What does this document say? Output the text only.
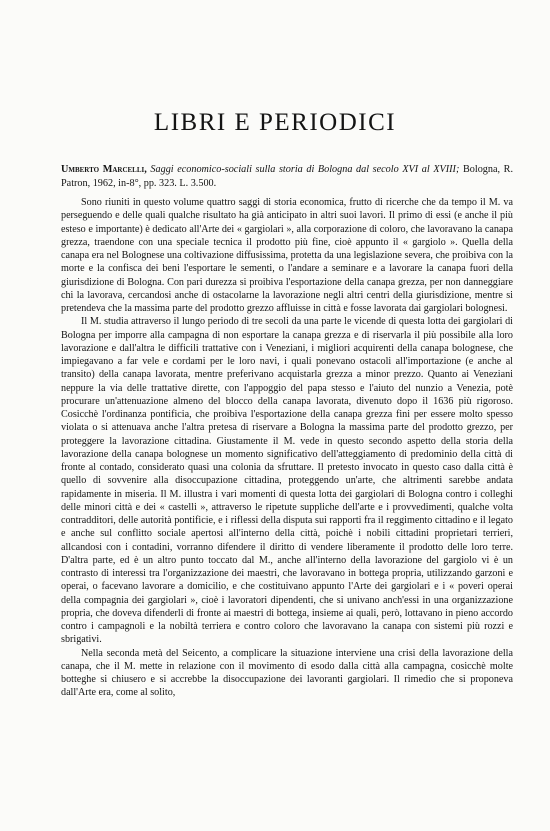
LIBRI E PERIODICI
Umberto Marcelli, Saggi economico-sociali sulla storia di Bologna dal secolo XVI al XVIII; Bologna, R. Patron, 1962, in-8°, pp. 323. L. 3.500.

Sono riuniti in questo volume quattro saggi di storia economica, frutto di ricerche che da tempo il M. va perseguendo e delle quali qualche risultato ha già anticipato in altri suoi lavori. Il primo di essi (e anche il più esteso e importante) è dedicato all'Arte dei « gargiolari », alla corporazione di coloro, che lavoravano la canapa grezza, traendone con una speciale tecnica il prodotto più fine, cioè appunto il « gargiolo ». Quella della canapa era nel Bolognese una coltivazione diffusissima, protetta da una legislazione severa, che proibiva con la morte e la confisca dei beni l'esportare le sementi, o l'andare a seminare e a lavorare la canapa fuori della giurisdizione di Bologna. Con pari durezza si proibiva l'esportazione della canapa grezza, per non danneggiare chi la lavorava, cercandosi anche di ostacolarne la lavorazione negli altri centri della giurisdizione, mentre si pretendeva che la massima parte del prodotto grezzo affluisse in città e fosse lavorata dai gargiolari bolognesi.

Il M. studia attraverso il lungo periodo di tre secoli da una parte le vicende di questa lotta dei gargiolari di Bologna per imporre alla campagna di non esportare la canapa grezza e di riservarla il più possibile alla loro lavorazione e dall'altra le difficili trattative con i Veneziani, i migliori acquirenti della canapa bolognese, che impiegavano a far vele e cordami per le loro navi, i quali ponevano ostacoli all'importazione (e anche al transito) della canapa lavorata, mentre preferivano acquistarla grezza a minor prezzo. Quanto ai Veneziani neppure la via delle trattative dirette, con l'appoggio del papa stesso e l'aiuto del nunzio a Venezia, potè procurare un'attenuazione almeno del blocco della canapa lavorata, divenuto dopo il 1636 più rigoroso. Cosicchè l'ordinanza pontificia, che proibiva l'esportazione della canapa grezza fini per essere molto spesso violata o si attenuava anche l'altra pretesa di riservare a Bologna la massima parte del prodotto grezzo, per proteggere la lavorazione cittadina. Giustamente il M. vede in questo secondo aspetto della storia della lavorazione della canapa bolognese un momento significativo dell'atteggiamento di predominio della città di fronte al contado, considerato quasi una colonia da sfruttare. Il pretesto invocato in questo caso dalla città è quello di sovvenire alla disoccupazione cittadina, proteggendo un'arte, che altrimenti sarebbe andata rapidamente in miseria. Il M. illustra i vari momenti di questa lotta dei gargiolari di Bologna contro i colleghi delle minori città e dei « castelli », attraverso le ripetute suppliche dell'arte e i provvedimenti, qualche volta contradditori, delle autorità pontificie, e i riflessi della disputa sui rapporti fra il reggimento cittadino e il legato e anche sul conflitto sociale apertosi all'interno della città, poichè i nobili cittadini proprietari terrieri, allcandosi con i contadini, vorranno difendere il diritto di vendere liberamente il prodotto delle loro terre. D'altra parte, ed è un altro punto toccato dal M., anche all'interno della lavorazione del gargiolo vi è un contrasto di interessi tra l'organizzazione dei maestri, che lavoravano in bottega propria, utilizzando garzoni e operai, o facevano lavorare a domicilio, e che costituivano appunto l'Arte dei gargiolari e i « poveri operai della compagnia dei gargiolari », cioè i lavoratori dipendenti, che si univano anch'essi in una organizzazione propria, che doveva difenderli di fronte ai maestri di bottega, insieme ai quali, però, lottavano in pieno accordo contro i campagnoli e la nobiltà terriera e contro coloro che lavoravano la canapa con sistemi più rozzi e sbrigativi.

Nella seconda metà del Seicento, a complicare la situazione interviene una crisi della lavorazione della canapa, che il M. mette in relazione con il movimento di esodo dalla città alla campagna, cosicchè molte botteghe si chiusero e si accrebbe la disoccupazione dei lavoranti gargiolari. Il rimedio che si proponeva dall'Arte era, come al solito,
